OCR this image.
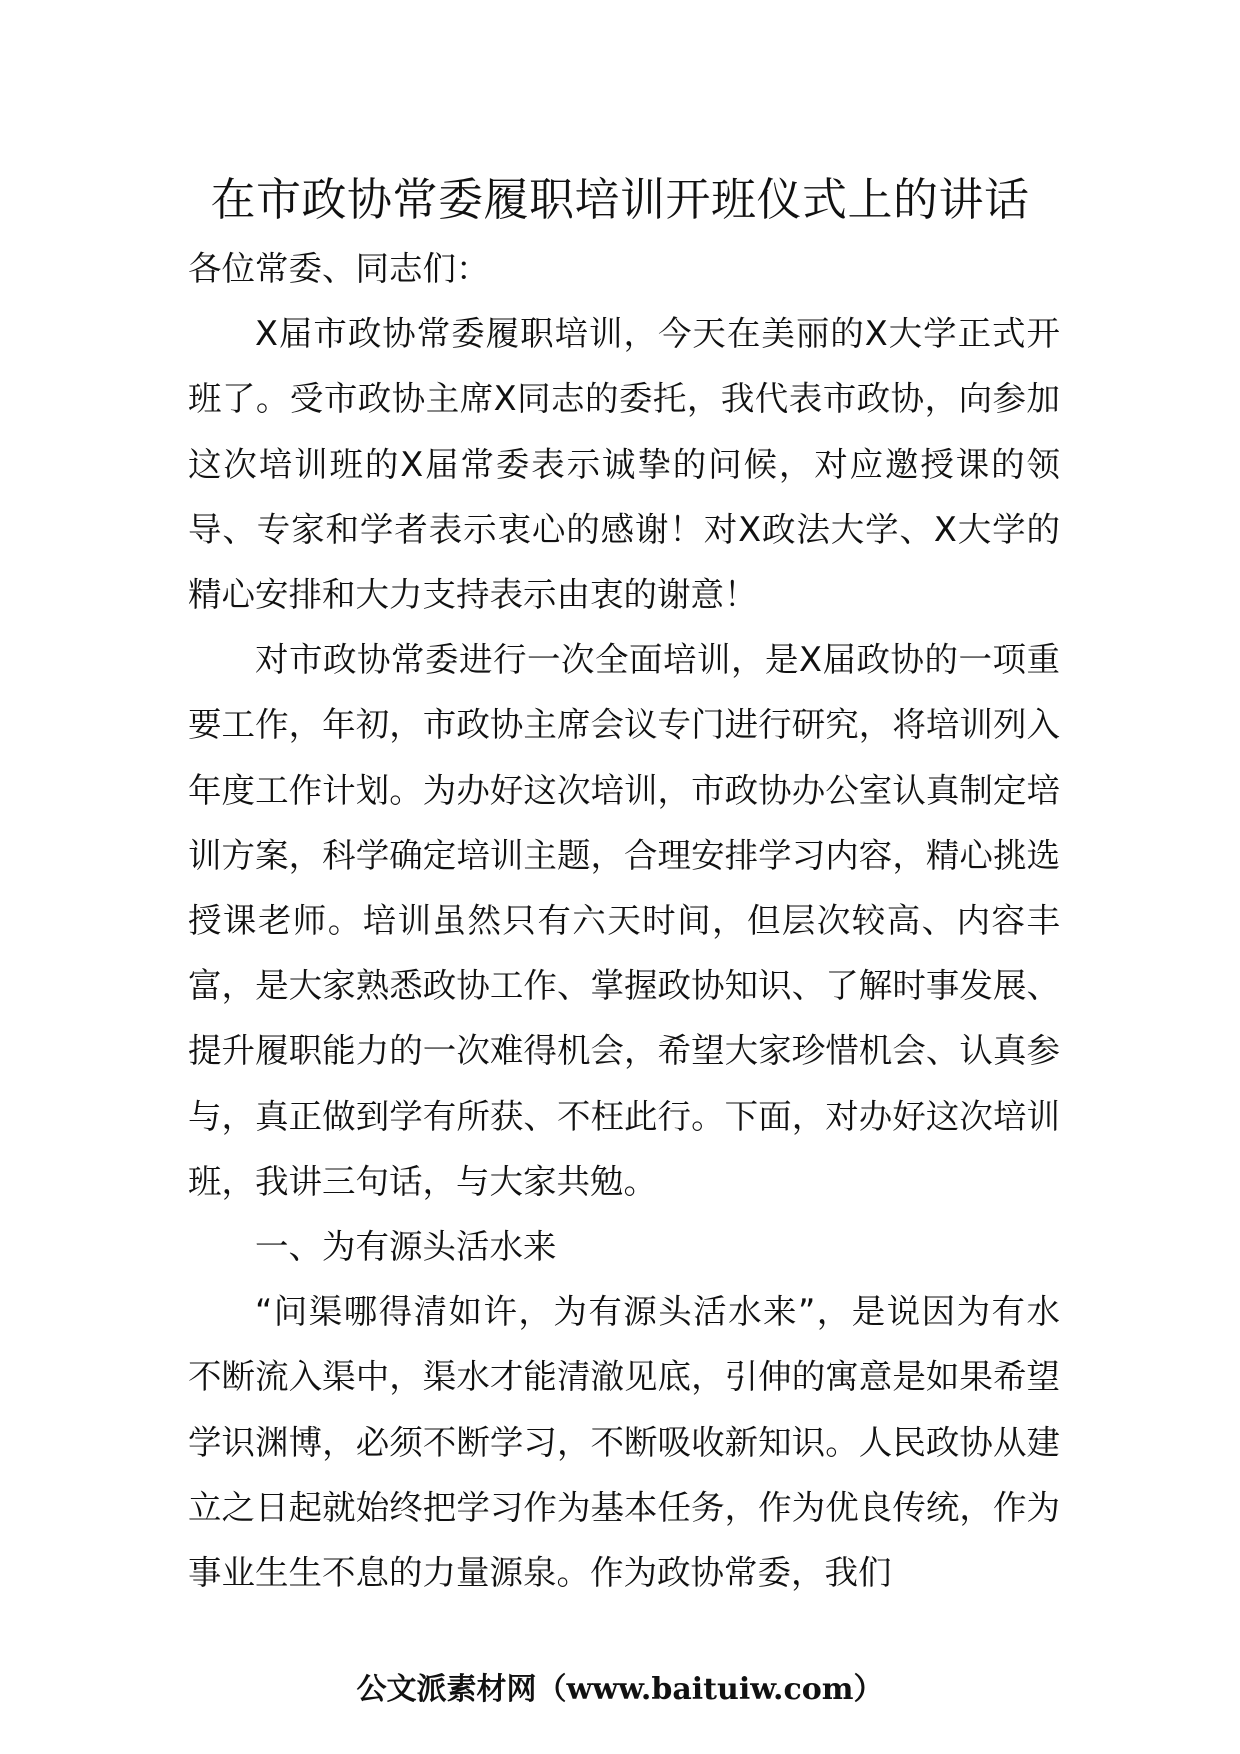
在市政协常委履职培训开班仪式上的讲话

各位常委、同志们：

X届市政协常委履职培训，今天在美丽的X大学正式开班了。受市政协主席X同志的委托，我代表市政协，向参加这次培训班的X届常委表示诚挚的问候，对应邀授课的领导、专家和学者表示衷心的感谢！对X政法大学、X大学的精心安排和大力支持表示由衷的谢意！

对市政协常委进行一次全面培训，是X届政协的一项重要工作，年初，市政协主席会议专门进行研究，将培训列入年度工作计划。为办好这次培训，市政协办公室认真制定培训方案，科学确定培训主题，合理安排学习内容，精心挑选授课老师。培训虽然只有六天时间，但层次较高、内容丰富，是大家熟悉政协工作、掌握政协知识、了解时事发展、提升履职能力的一次难得机会，希望大家珍惜机会、认真参与，真正做到学有所获、不枉此行。下面，对办好这次培训班，我讲三句话，与大家共勉。

一、为有源头活水来

“问渠哪得清如许，为有源头活水来”，是说因为有水不断流入渠中，渠水才能清澈见底，引伸的寓意是如果希望学识渊博，必须不断学习，不断吸收新知识。人民政协从建立之日起就始终把学习作为基本任务，作为优良传统，作为事业生生不息的力量源泉。作为政协常委，我们

公文派素材网（www.baituiw.com）
